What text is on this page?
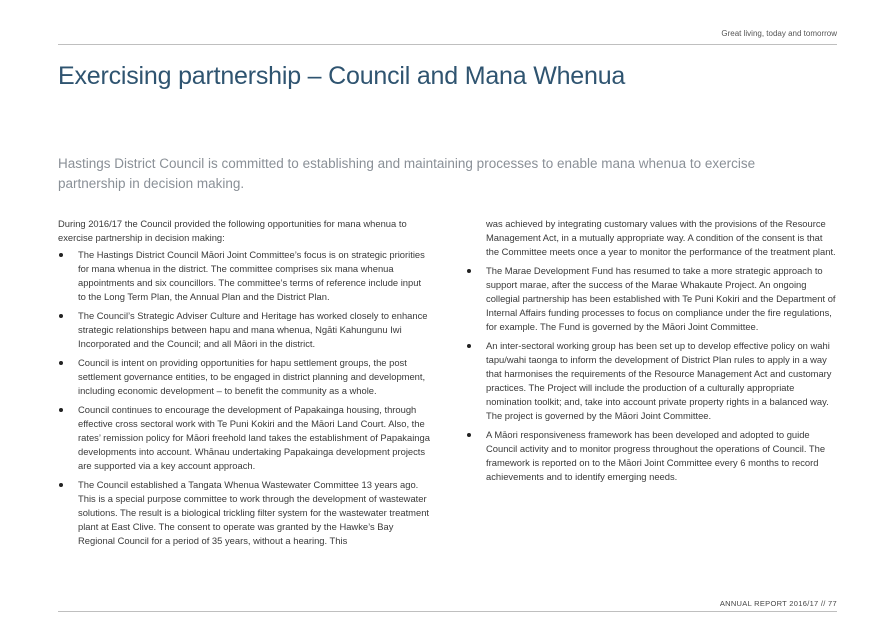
Great living, today and tomorrow
Exercising partnership – Council and Mana Whenua

Hastings District Council is committed to establishing and maintaining processes to enable mana whenua to exercise partnership in decision making.

During 2016/17 the Council provided the following opportunities for mana whenua to exercise partnership in decision making:

The Hastings District Council Māori Joint Committee’s focus is on strategic priorities for mana whenua in the district. The committee comprises six mana whenua appointments and six councillors. The committee’s terms of reference include input to the Long Term Plan, the Annual Plan and the District Plan.
The Council’s Strategic Adviser Culture and Heritage has worked closely to enhance strategic relationships between hapu and mana whenua, Ngāti Kahungunu Iwi Incorporated and the Council; and all Māori in the district.
Council is intent on providing opportunities for hapu settlement groups, the post settlement governance entities, to be engaged in district planning and development, including economic development – to benefit the community as a whole.
Council continues to encourage the development of Papakainga housing, through effective cross sectoral work with Te Puni Kokiri and the Māori Land Court. Also, the rates’ remission policy for Māori freehold land takes the establishment of Papakainga developments into account. Whānau undertaking Papakainga development projects are supported via a key account approach.
The Council established a Tangata Whenua Wastewater Committee 13 years ago. This is a special purpose committee to work through the development of wastewater solutions. The result is a biological trickling filter system for the wastewater treatment plant at East Clive. The consent to operate was granted by the Hawke’s Bay Regional Council for a period of 35 years, without a hearing. This
was achieved by integrating customary values with the provisions of the Resource Management Act, in a mutually appropriate way. A condition of the consent is that the Committee meets once a year to monitor the performance of the treatment plant.
The Marae Development Fund has resumed to take a more strategic approach to support marae, after the success of the Marae Whakaute Project. An ongoing collegial partnership has been established with Te Puni Kokiri and the Department of Internal Affairs funding processes to focus on compliance under the fire regulations, for example. The Fund is governed by the Māori Joint Committee.
An inter-sectoral working group has been set up to develop effective policy on wahi tapu/wahi taonga to inform the development of District Plan rules to apply in a way that harmonises the requirements of the Resource Management Act and customary practices. The Project will include the production of a culturally appropriate nomination toolkit; and, take into account private property rights in a balanced way. The project is governed by the Māori Joint Committee.
A Māori responsiveness framework has been developed and adopted to guide Council activity and to monitor progress throughout the operations of Council. The framework is reported on to the Māori Joint Committee every 6 months to record achievements and to identify emerging needs.
ANNUAL REPORT 2016/17 // 77
